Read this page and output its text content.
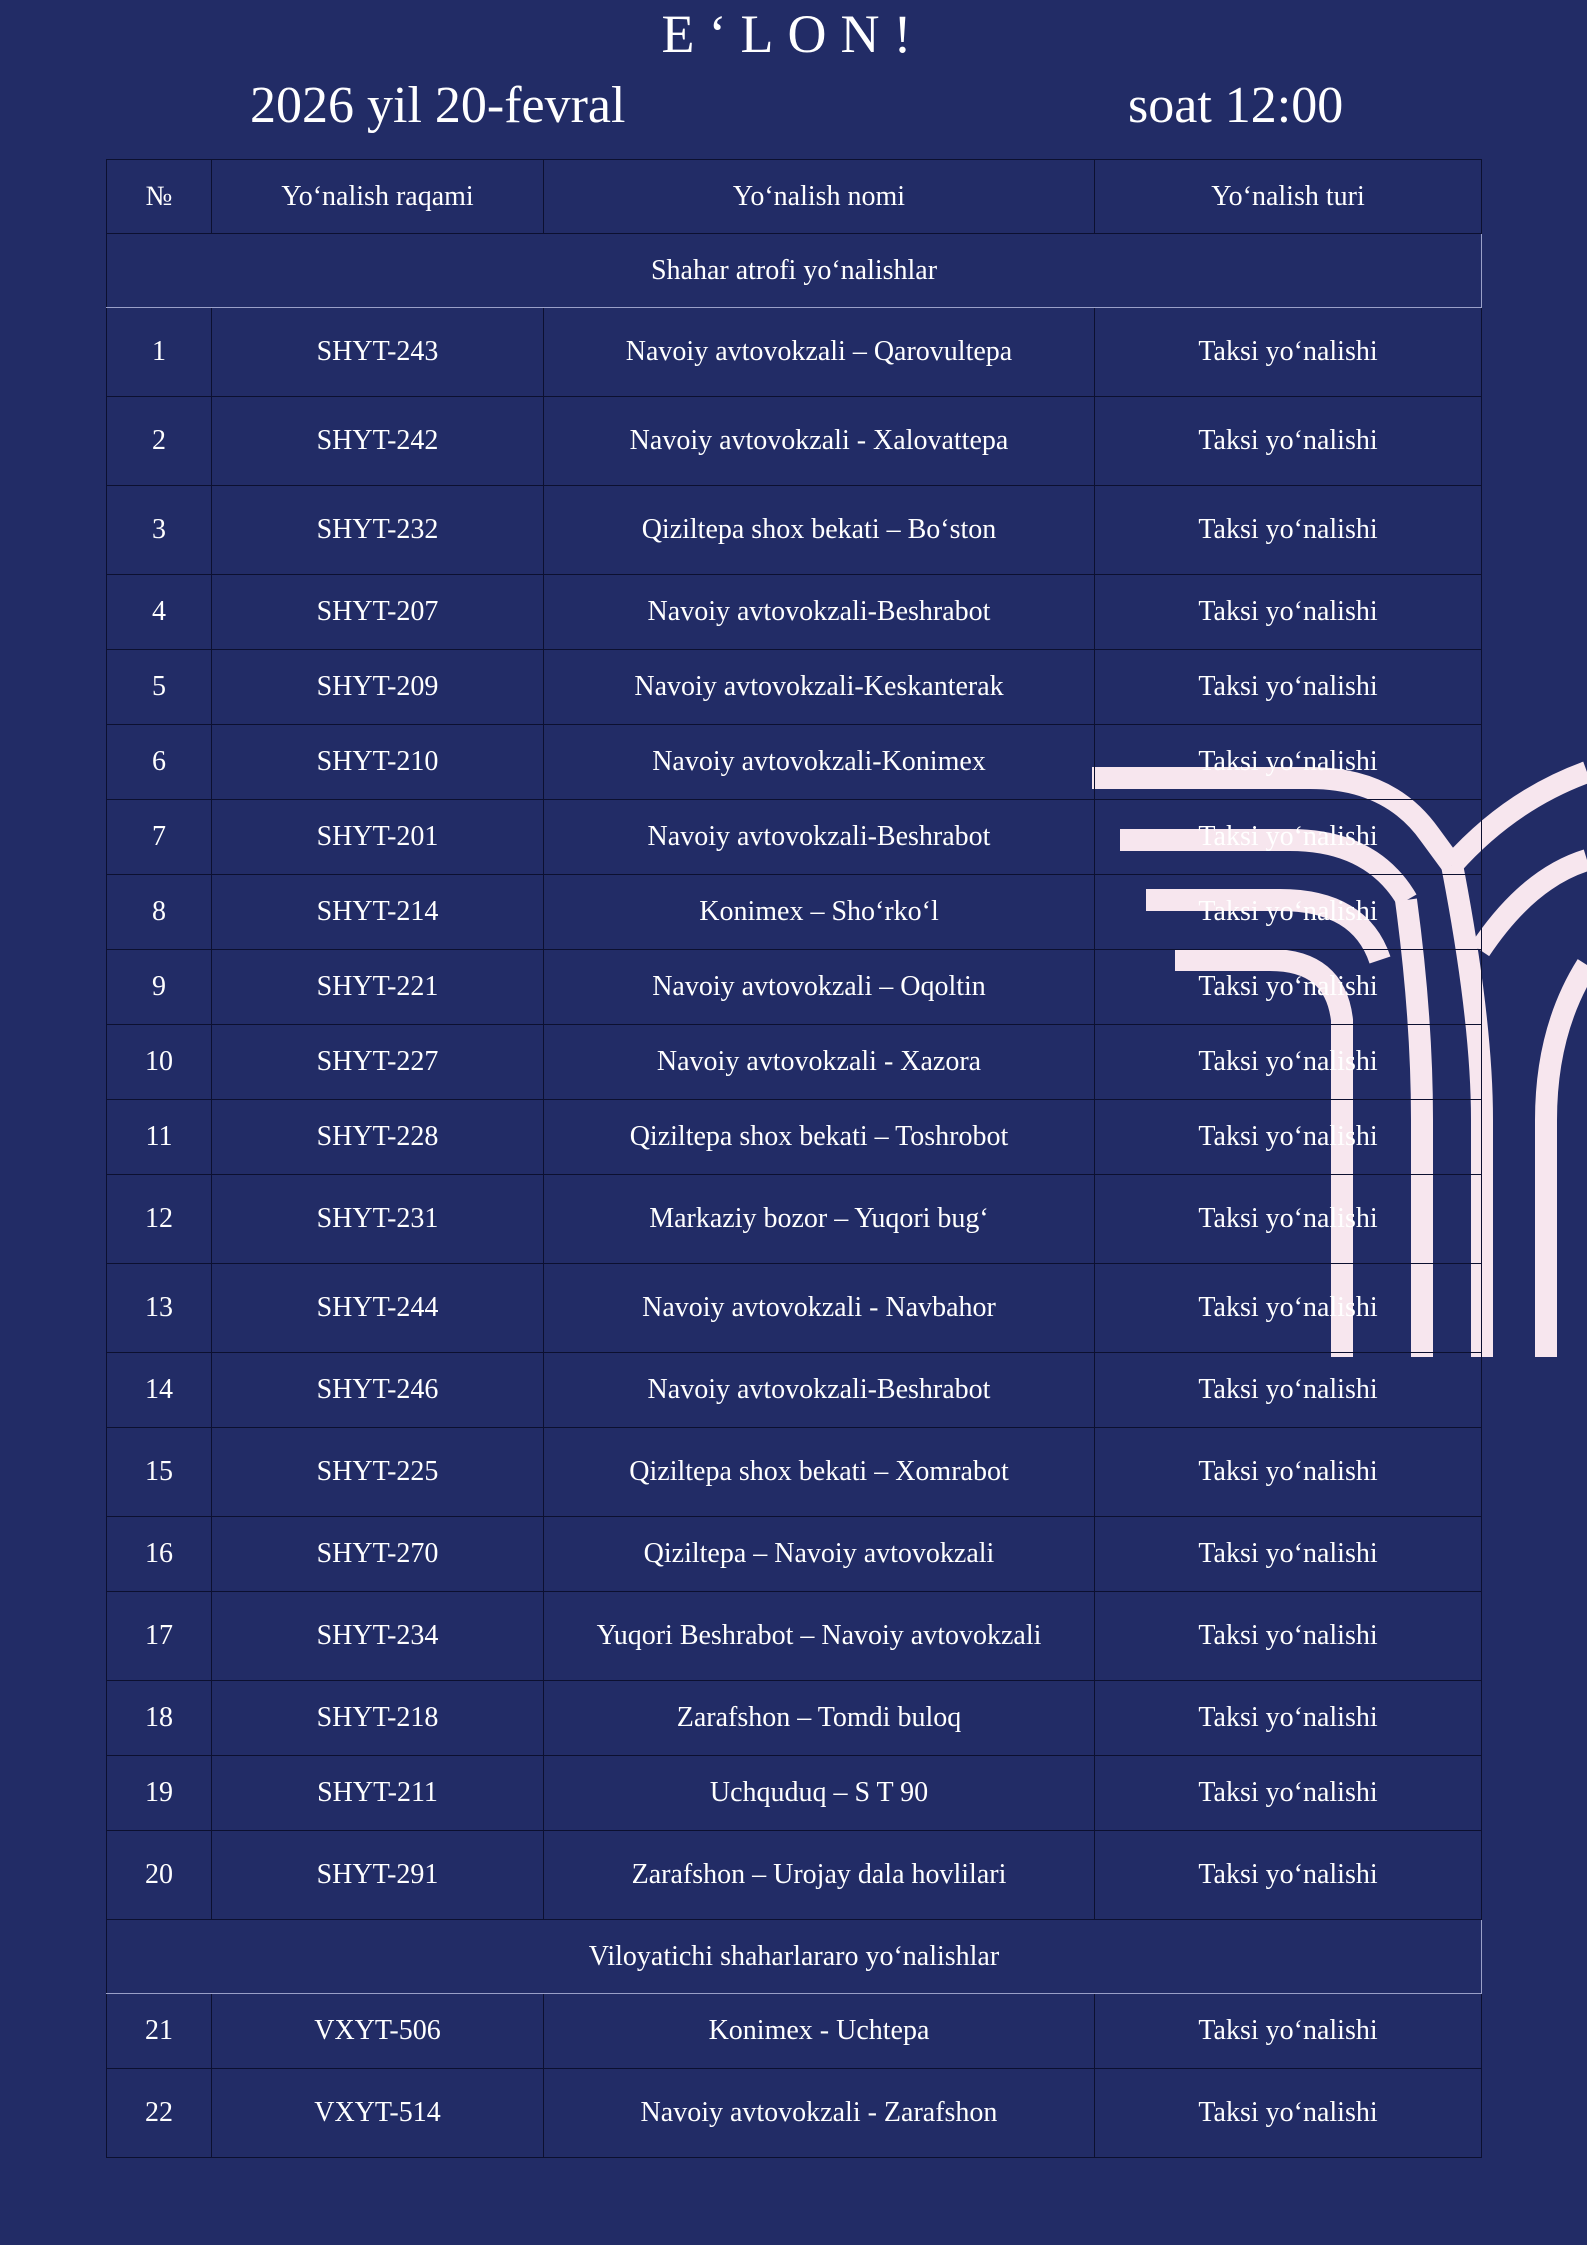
E‘LON!
2026 yil 20-fevral	soat 12:00
№	Yo‘nalish raqami	Yo‘nalish nomi	Yo‘nalish turi
Shahar atrofi yo‘nalishlar			
1	SHYT-243	Navoiy avtovokzali – Qarovultepa	Taksi yo‘nalishi
2	SHYT-242	Navoiy avtovokzali - Xalovattepa	Taksi yo‘nalishi
3	SHYT-232	Qiziltepa shox bekati – Bo‘ston	Taksi yo‘nalishi
4	SHYT-207	Navoiy avtovokzali-Beshrabot	Taksi yo‘nalishi
5	SHYT-209	Navoiy avtovokzali-Keskanterak	Taksi yo‘nalishi
6	SHYT-210	Navoiy avtovokzali-Konimex	Taksi yo‘nalishi
7	SHYT-201	Navoiy avtovokzali-Beshrabot	Taksi yo‘nalishi
8	SHYT-214	Konimex – Sho‘rko‘l	Taksi yo‘nalishi
9	SHYT-221	Navoiy avtovokzali – Oqoltin	Taksi yo‘nalishi
10	SHYT-227	Navoiy avtovokzali - Xazora	Taksi yo‘nalishi
11	SHYT-228	Qiziltepa shox bekati – Toshrobot	Taksi yo‘nalishi
12	SHYT-231	Markaziy bozor – Yuqori bug‘	Taksi yo‘nalishi
13	SHYT-244	Navoiy avtovokzali - Navbahor	Taksi yo‘nalishi
14	SHYT-246	Navoiy avtovokzali-Beshrabot	Taksi yo‘nalishi
15	SHYT-225	Qiziltepa shox bekati – Xomrabot	Taksi yo‘nalishi
16	SHYT-270	Qiziltepa – Navoiy avtovokzali	Taksi yo‘nalishi
17	SHYT-234	Yuqori Beshrabot – Navoiy avtovokzali	Taksi yo‘nalishi
18	SHYT-218	Zarafshon – Tomdi buloq	Taksi yo‘nalishi
19	SHYT-211	Uchquduq – S T 90	Taksi yo‘nalishi
20	SHYT-291	Zarafshon – Urojay dala hovlilari	Taksi yo‘nalishi
Viloyatichi shaharlararo yo‘nalishlar			
21	VXYT-506	Konimex - Uchtepa	Taksi yo‘nalishi
22	VXYT-514	Navoiy avtovokzali - Zarafshon	Taksi yo‘nalishi
